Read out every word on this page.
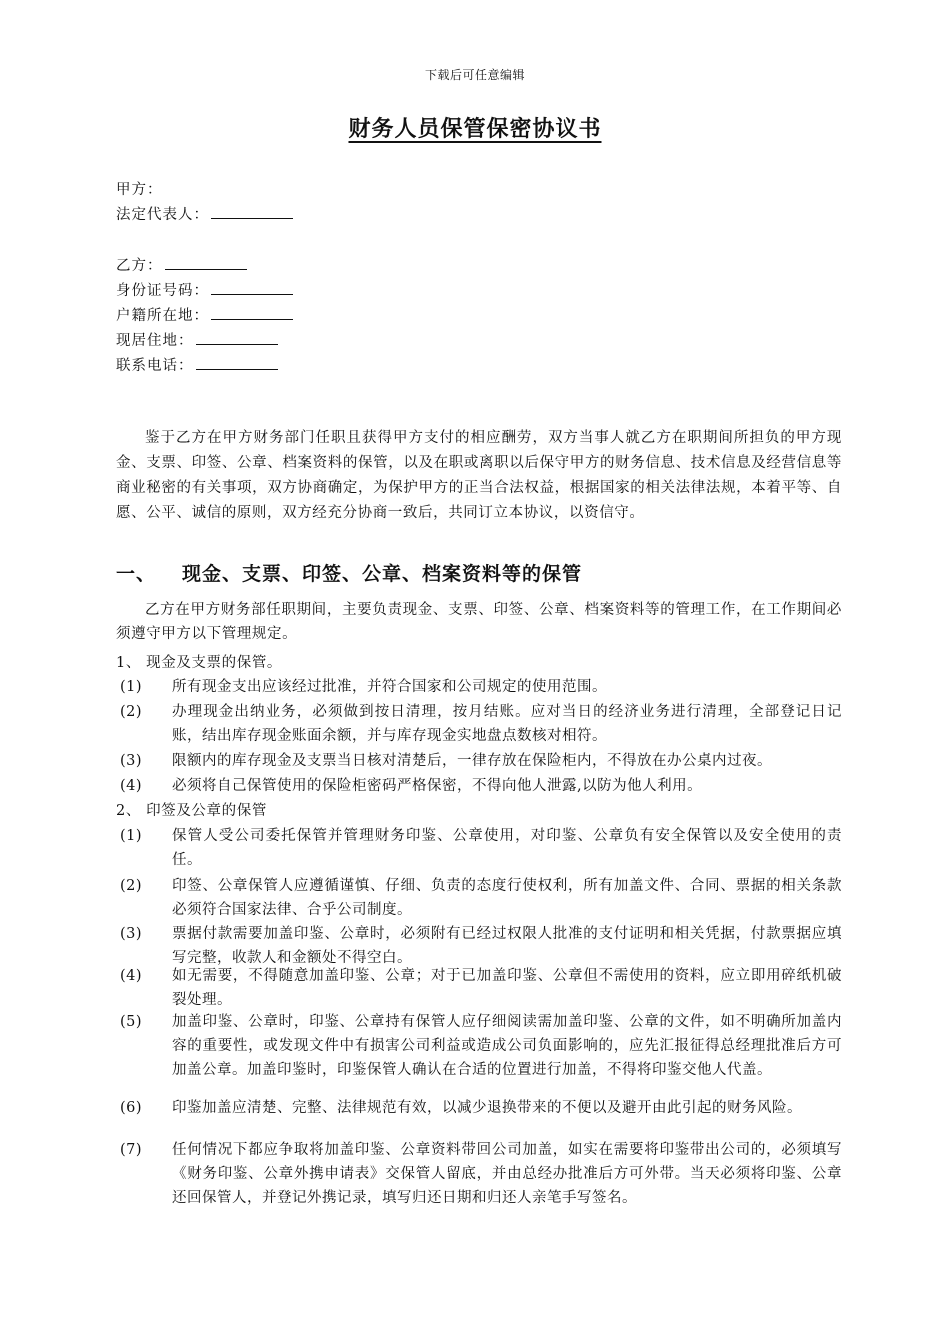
下载后可任意编辑
财务人员保管保密协议书
甲方：
法定代表人：
乙方：
身份证号码：
户籍所在地：
现居住地：
联系电话：
鉴于乙方在甲方财务部门任职且获得甲方支付的相应酬劳，双方当事人就乙方在职期间所担负的甲方现金、支票、印签、公章、档案资料的保管，以及在职或离职以后保守甲方的财务信息、技术信息及经营信息等商业秘密的有关事项，双方协商确定，为保护甲方的正当合法权益，根据国家的相关法律法规，本着平等、自愿、公平、诚信的原则，双方经充分协商一致后，共同订立本协议，以资信守。
一、 现金、支票、印签、公章、档案资料等的保管
乙方在甲方财务部任职期间，主要负责现金、支票、印签、公章、档案资料等的管理工作，在工作期间必须遵守甲方以下管理规定。
1、 现金及支票的保管。
(1)	所有现金支出应该经过批准，并符合国家和公司规定的使用范围。
(2)	办理现金出纳业务，必须做到按日清理，按月结账。应对当日的经济业务进行清理，全部登记日记账，结出库存现金账面余额，并与库存现金实地盘点数核对相符。
(3)	限额内的库存现金及支票当日核对清楚后，一律存放在保险柜内，不得放在办公桌内过夜。
(4)	必须将自己保管使用的保险柜密码严格保密，不得向他人泄露,以防为他人利用。
2、 印签及公章的保管
(1)	保管人受公司委托保管并管理财务印鉴、公章使用，对印鉴、公章负有安全保管以及安全使用的责任。
(2)	印签、公章保管人应遵循谨慎、仔细、负责的态度行使权利，所有加盖文件、合同、票据的相关条款必须符合国家法律、合乎公司制度。
(3)	票据付款需要加盖印鉴、公章时，必须附有已经过权限人批准的支付证明和相关凭据，付款票据应填写完整，收款人和金额处不得空白。
(4)	如无需要，不得随意加盖印鉴、公章；对于已加盖印鉴、公章但不需使用的资料，应立即用碎纸机破裂处理。
(5)	加盖印鉴、公章时，印鉴、公章持有保管人应仔细阅读需加盖印鉴、公章的文件，如不明确所加盖内容的重要性，或发现文件中有损害公司利益或造成公司负面影响的，应先汇报征得总经理批准后方可加盖公章。加盖印鉴时，印鉴保管人确认在合适的位置进行加盖，不得将印鉴交他人代盖。
(6)	印鉴加盖应清楚、完整、法律规范有效，以减少退换带来的不便以及避开由此引起的财务风险。
(7)	任何情况下都应争取将加盖印鉴、公章资料带回公司加盖，如实在需要将印鉴带出公司的，必须填写《财务印鉴、公章外携申请表》交保管人留底，并由总经办批准后方可外带。当天必须将印鉴、公章还回保管人，并登记外携记录，填写归还日期和归还人亲笔手写签名。
